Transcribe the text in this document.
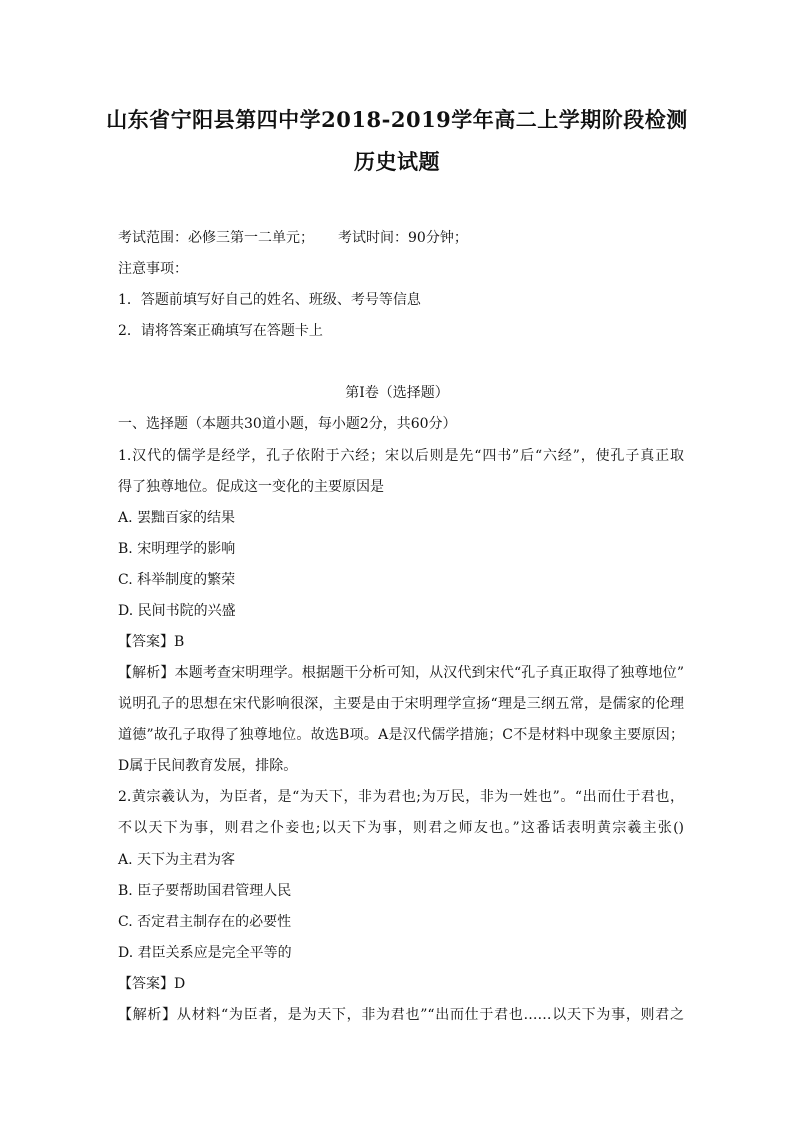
山东省宁阳县第四中学2018-2019学年高二上学期阶段检测
历史试题
考试范围：必修三第一二单元； 考试时间：90分钟；
注意事项：
1．答题前填写好自己的姓名、班级、考号等信息
2．请将答案正确填写在答题卡上
第I卷（选择题）
一、选择题（本题共30道小题，每小题2分，共60分）
1.汉代的儒学是经学，孔子依附于六经；宋以后则是先“四书”后“六经”，使孔子真正取
得了独尊地位。促成这一变化的主要原因是
A. 罢黜百家的结果
B. 宋明理学的影响
C. 科举制度的繁荣
D. 民间书院的兴盛
【答案】B
【解析】本题考查宋明理学。根据题干分析可知，从汉代到宋代“孔子真正取得了独尊地位”
说明孔子的思想在宋代影响很深，主要是由于宋明理学宣扬“理是三纲五常，是儒家的伦理
道德”故孔子取得了独尊地位。故选B项。A是汉代儒学措施；C不是材料中现象主要原因；
D属于民间教育发展，排除。
2.黄宗羲认为，为臣者，是“为天下，非为君也;为万民，非为一姓也”。“出而仕于君也，
不以天下为事，则君之仆妾也;以天下为事，则君之师友也。”这番话表明黄宗羲主张()
A. 天下为主君为客
B. 臣子要帮助国君管理人民
C. 否定君主制存在的必要性
D. 君臣关系应是完全平等的
【答案】D
【解析】从材料“为臣者，是为天下，非为君也”“出而仕于君也……以天下为事，则君之
